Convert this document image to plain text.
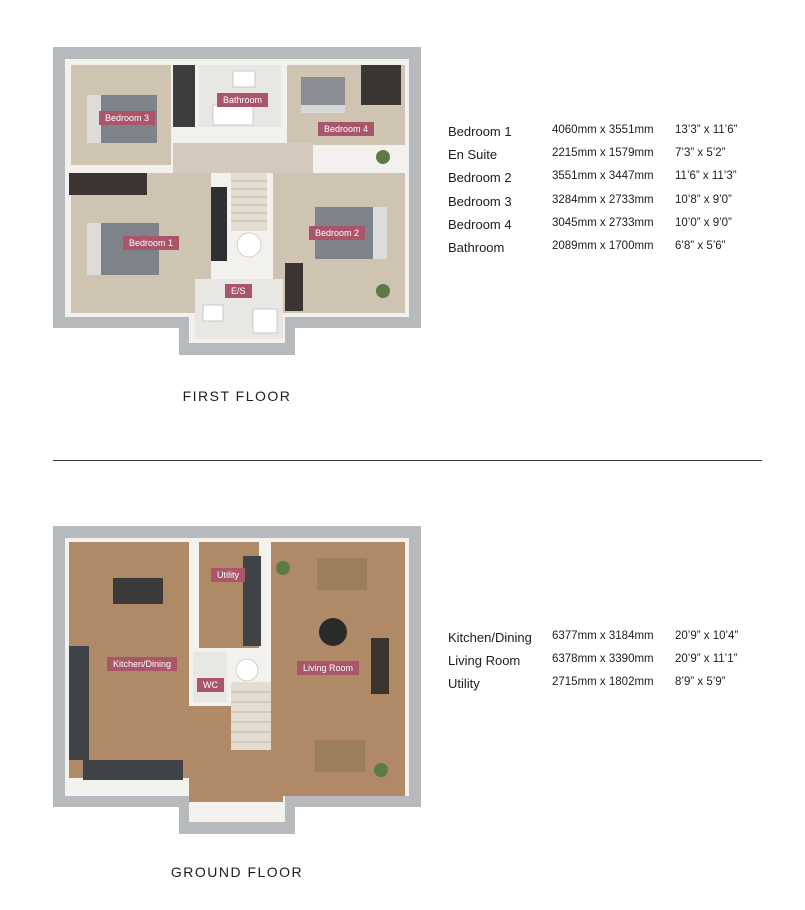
Bedroom 3
Bathroom
Bedroom 4
Bedroom 1
Bedroom 2
E/S
FIRST FLOOR
Bedroom 1	4060mm x 3551mm 13’3” x 11’6”
En Suite	2215mm x 1579mm 7’3” x 5’2”
Bedroom 2	3551mm x 3447mm 11’6” x 11’3”
Bedroom 3	3284mm x 2733mm 10’8” x 9’0”
Bedroom 4	3045mm x 2733mm 10’0” x 9’0”
Bathroom	2089mm x 1700mm 6’8” x 5’6”
Utility
Kitchen/Dining	Living Room
WC
GROUND FLOOR
Kitchen/Dining 6377mm x 3184mm 20’9” x 10’4”
Living Room	6378mm x 3390mm 20’9” x 11’1”
Utility	2715mm x 1802mm 8’9” x 5’9”
